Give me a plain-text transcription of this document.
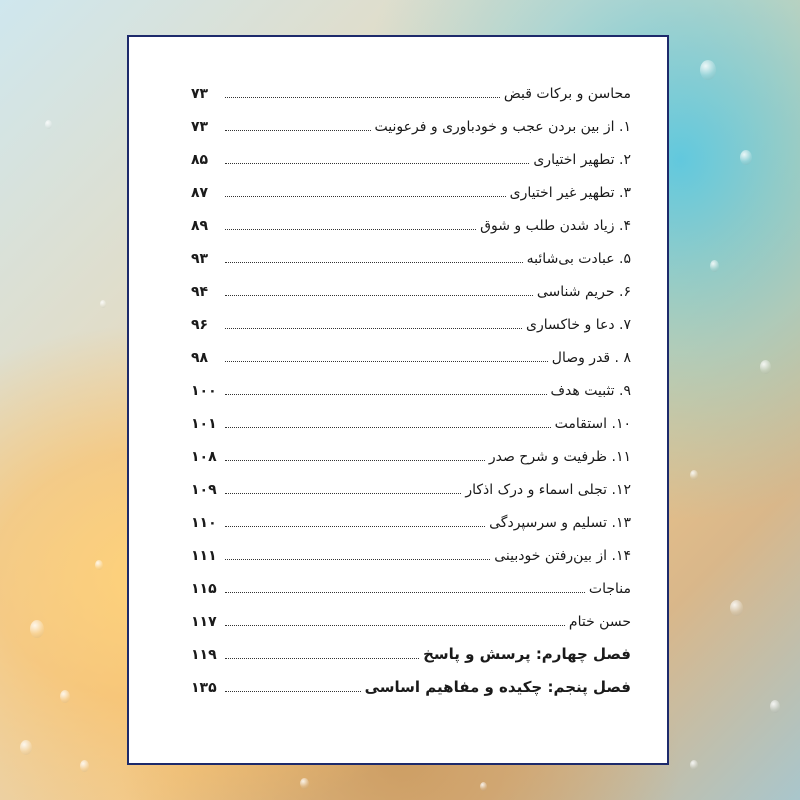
محاسن و برکات قبض
۷۳
۱. از بین بردن عجب و خودباوری و فرعونیت
۷۳
۲. تطهیر اختیاری
۸۵
۳. تطهیر غیر اختیاری
۸۷
۴. زیاد شدن طلب و شوق
۸۹
۵. عبادت بی‌شائبه
۹۳
۶. حریم شناسی
۹۴
۷. دعا و خاکساری
۹۶
۸ . قدر وصال
۹۸
۹. تثبیت هدف
۱۰۰
۱۰. استقامت
۱۰۱
۱۱. ظرفیت و شرح صدر
۱۰۸
۱۲. تجلی اسماء و درک اذکار
۱۰۹
۱۳. تسلیم و سرسپردگی
۱۱۰
۱۴. از بین‌رفتن خودبینی
۱۱۱
مناجات
۱۱۵
حسن ختام
۱۱۷
فصل چهارم: پرسش و پاسخ
۱۱۹
فصل پنجم: چکیده و مفاهیم اساسی
۱۳۵
